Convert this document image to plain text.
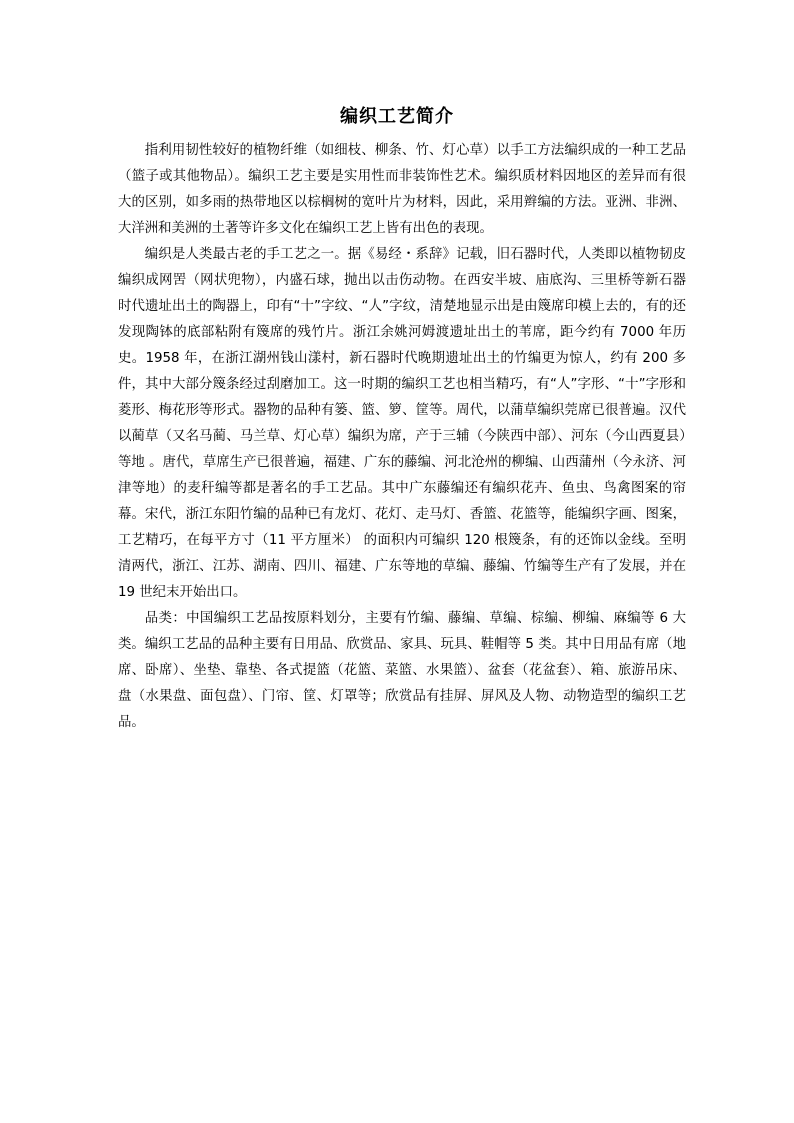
编织工艺简介

指利用韧性较好的植物纤维（如细枝、柳条、竹、灯心草）以手工方法编织成的一种工艺品（篮子或其他物品）。编织工艺主要是实用性而非装饰性艺术。编织质材料因地区的差异而有很大的区别，如多雨的热带地区以棕榈树的宽叶片为材料，因此，采用辫编的方法。亚洲、非洲、大洋洲和美洲的土著等许多文化在编织工艺上皆有出色的表现。

编织是人类最古老的手工艺之一。据《易经・系辞》记载，旧石器时代，人类即以植物韧皮编织成网罟（网状兜物），内盛石球，抛出以击伤动物。在西安半坡、庙底沟、三里桥等新石器时代遗址出土的陶器上，印有“十”字纹、“人”字纹，清楚地显示出是由篾席印模上去的，有的还发现陶钵的底部粘附有篾席的残竹片。浙江余姚河姆渡遗址出土的苇席，距今约有 7000 年历史。1958 年，在浙江湖州钱山漾村，新石器时代晚期遗址出土的竹编更为惊人，约有 200 多件，其中大部分篾条经过刮磨加工。这一时期的编织工艺也相当精巧，有“人”字形、“十”字形和菱形、梅花形等形式。器物的品种有篓、篮、箩、筐等。周代，以蒲草编织莞席已很普遍。汉代以蔺草（又名马蔺、马兰草、灯心草）编织为席，产于三辅（今陕西中部）、河东（今山西夏县）等地 。唐代，草席生产已很普遍，福建、广东的藤编、河北沧州的柳编、山西蒲州（今永济、河津等地）的麦秆编等都是著名的手工艺品。其中广东藤编还有编织花卉、鱼虫、鸟禽图案的帘幕。宋代，浙江东阳竹编的品种已有龙灯、花灯、走马灯、香篮、花篮等，能编织字画、图案，工艺精巧，在每平方寸（11 平方厘米） 的面积内可编织 120 根篾条，有的还饰以金线。至明清两代，浙江、江苏、湖南、四川、福建、广东等地的草编、藤编、竹编等生产有了发展，并在 19 世纪末开始出口。

品类：中国编织工艺品按原料划分，主要有竹编、藤编、草编、棕编、柳编、麻编等 6 大类。编织工艺品的品种主要有日用品、欣赏品、家具、玩具、鞋帽等 5 类。其中日用品有席（地席、卧席）、坐垫、靠垫、各式提篮（花篮、菜篮、水果篮）、盆套（花盆套）、箱、旅游吊床、盘（水果盘、面包盘）、门帘、筐、灯罩等；欣赏品有挂屏、屏风及人物、动物造型的编织工艺品。
